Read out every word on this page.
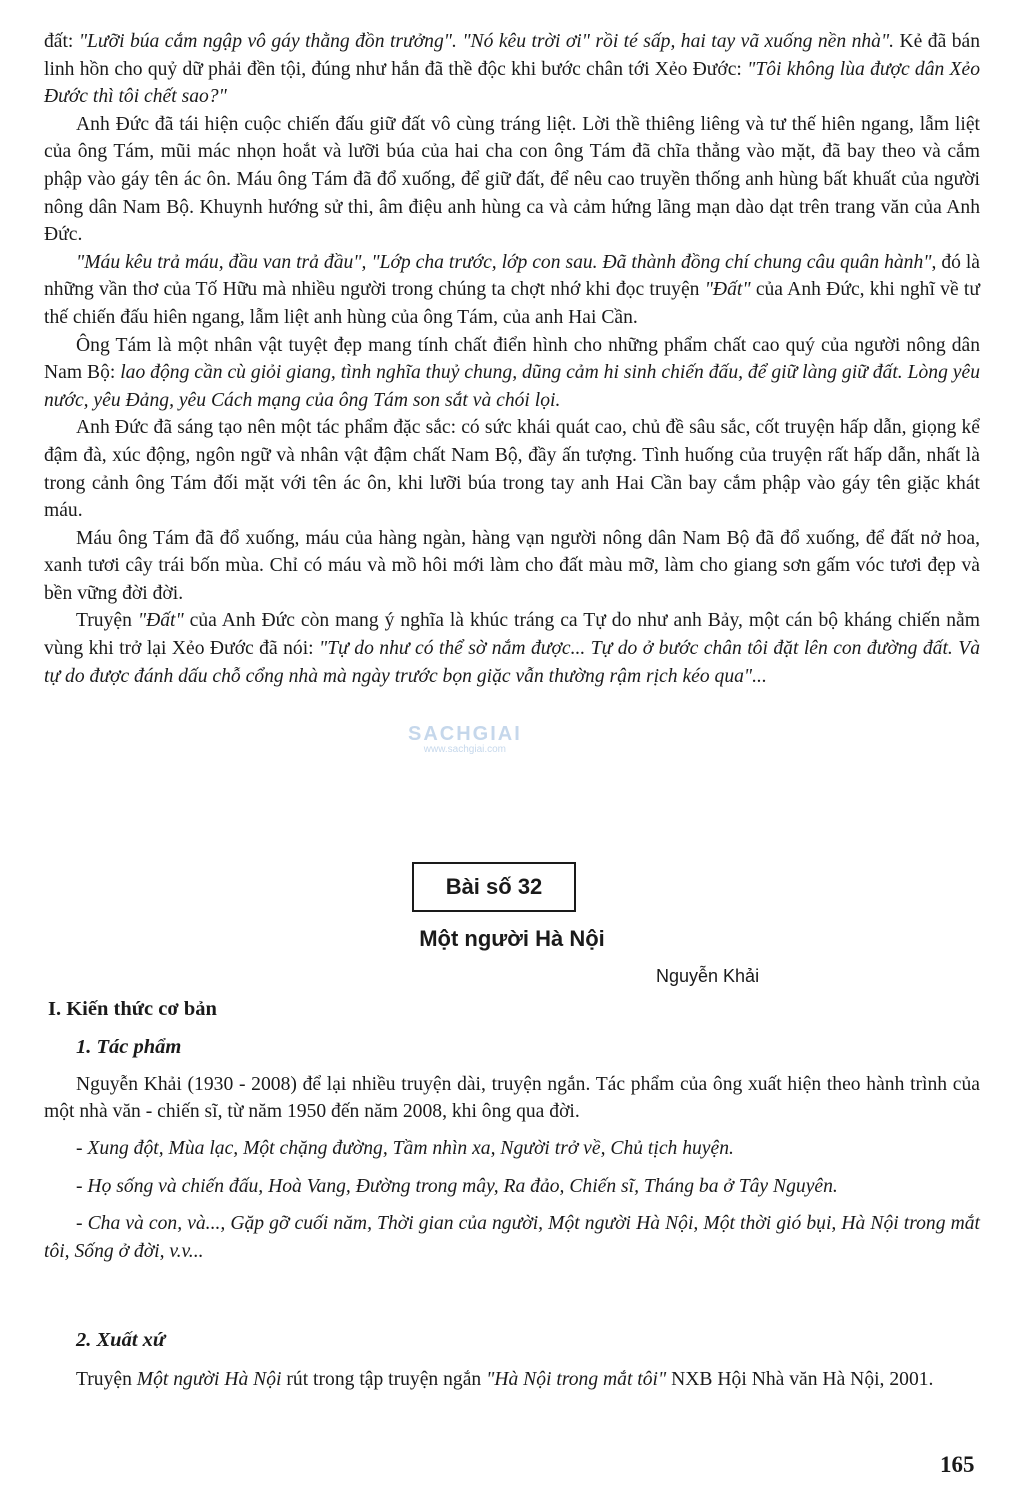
đất: "Lưỡi búa cắm ngập vô gáy thằng đồn trưởng". "Nó kêu trời ơi" rồi té sấp, hai tay vã xuống nền nhà". Kẻ đã bán linh hồn cho quỷ dữ phải đền tội, đúng như hắn đã thề độc khi bước chân tới Xẻo Đước: "Tôi không lùa được dân Xẻo Đước thì tôi chết sao?"

Anh Đức đã tái hiện cuộc chiến đấu giữ đất vô cùng tráng liệt. Lời thề thiêng liêng và tư thế hiên ngang, lẫm liệt của ông Tám, mũi mác nhọn hoắt và lưỡi búa của hai cha con ông Tám đã chĩa thẳng vào mặt, đã bay theo và cắm phập vào gáy tên ác ôn. Máu ông Tám đã đổ xuống, để giữ đất, để nêu cao truyền thống anh hùng bất khuất của người nông dân Nam Bộ. Khuynh hướng sử thi, âm điệu anh hùng ca và cảm hứng lãng mạn dào dạt trên trang văn của Anh Đức.

"Máu kêu trả máu, đầu van trả đầu", "Lớp cha trước, lớp con sau. Đã thành đồng chí chung câu quân hành", đó là những vần thơ của Tố Hữu mà nhiều người trong chúng ta chợt nhớ khi đọc truyện "Đất" của Anh Đức, khi nghĩ về tư thế chiến đấu hiên ngang, lẫm liệt anh hùng của ông Tám, của anh Hai Cần.

Ông Tám là một nhân vật tuyệt đẹp mang tính chất điển hình cho những phẩm chất cao quý của người nông dân Nam Bộ: lao động cần cù giỏi giang, tình nghĩa thuỷ chung, dũng cảm hi sinh chiến đấu, để giữ làng giữ đất. Lòng yêu nước, yêu Đảng, yêu Cách mạng của ông Tám son sắt và chói lọi.

Anh Đức đã sáng tạo nên một tác phẩm đặc sắc: có sức khái quát cao, chủ đề sâu sắc, cốt truyện hấp dẫn, giọng kể đậm đà, xúc động, ngôn ngữ và nhân vật đậm chất Nam Bộ, đầy ấn tượng. Tình huống của truyện rất hấp dẫn, nhất là trong cảnh ông Tám đối mặt với tên ác ôn, khi lưỡi búa trong tay anh Hai Cần bay cắm phập vào gáy tên giặc khát máu.

Máu ông Tám đã đổ xuống, máu của hàng ngàn, hàng vạn người nông dân Nam Bộ đã đổ xuống, để đất nở hoa, xanh tươi cây trái bốn mùa. Chỉ có máu và mồ hôi mới làm cho đất màu mỡ, làm cho giang sơn gấm vóc tươi đẹp và bền vững đời đời.

Truyện "Đất" của Anh Đức còn mang ý nghĩa là khúc tráng ca Tự do như anh Bảy, một cán bộ kháng chiến nằm vùng khi trở lại Xẻo Đước đã nói: "Tự do như có thể sờ nắm được... Tự do ở bước chân tôi đặt lên con đường đất. Và tự do được đánh dấu chỗ cổng nhà mà ngày trước bọn giặc vẫn thường rậm rịch kéo qua"...

SACHGIAI
www.sachgiai.com
Bài số 32
Một người Hà Nội
Nguyễn Khải
I. Kiến thức cơ bản
1. Tác phẩm

Nguyễn Khải (1930 - 2008) để lại nhiều truyện dài, truyện ngắn. Tác phẩm của ông xuất hiện theo hành trình của một nhà văn - chiến sĩ, từ năm 1950 đến năm 2008, khi ông qua đời.

- Xung đột, Mùa lạc, Một chặng đường, Tầm nhìn xa, Người trở về, Chủ tịch huyện.

- Họ sống và chiến đấu, Hoà Vang, Đường trong mây, Ra đảo, Chiến sĩ, Tháng ba ở Tây Nguyên.

- Cha và con, và..., Gặp gỡ cuối năm, Thời gian của người, Một người Hà Nội, Một thời gió bụi, Hà Nội trong mắt tôi, Sống ở đời, v.v...

2. Xuất xứ

Truyện Một người Hà Nội rút trong tập truyện ngắn "Hà Nội trong mắt tôi" NXB Hội Nhà văn Hà Nội, 2001.

165
